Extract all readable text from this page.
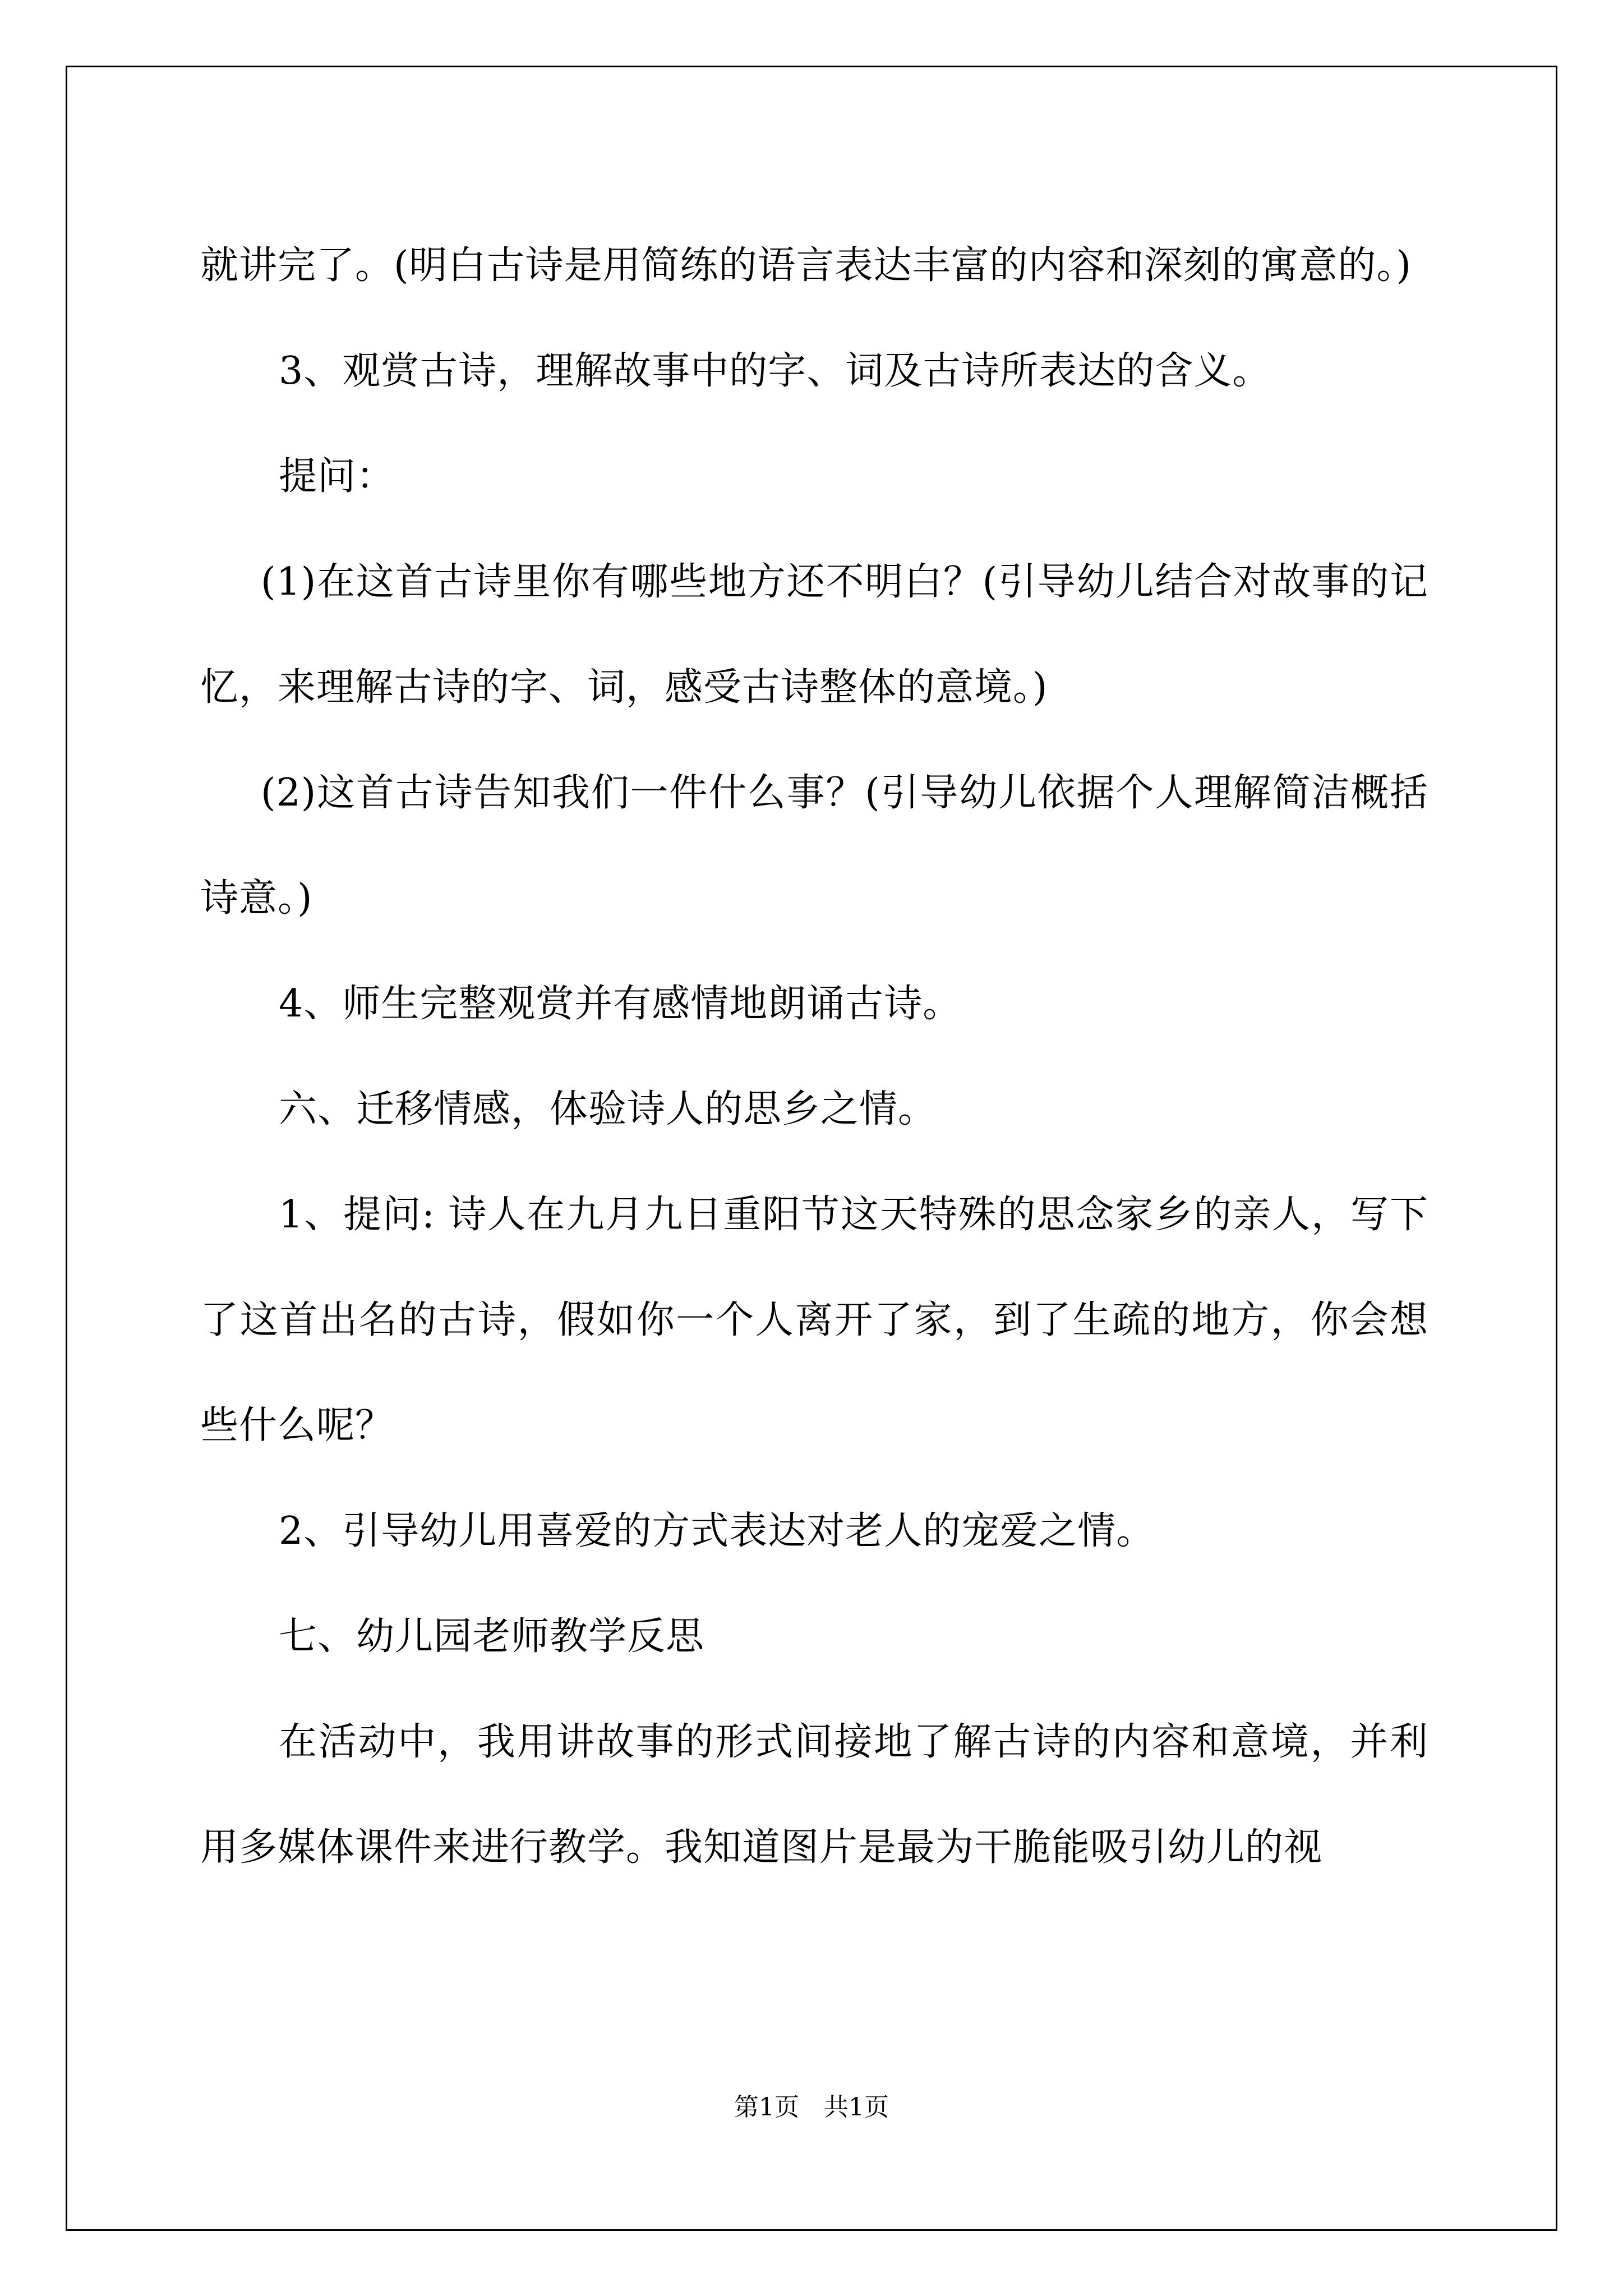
就讲完了。(明白古诗是用简练的语言表达丰富的内容和深刻的寓意的。)

3、观赏古诗，理解故事中的字、词及古诗所表达的含义。

提问：

(1)在这首古诗里你有哪些地方还不明白？(引导幼儿结合对故事的记忆，来理解古诗的字、词，感受古诗整体的意境。)

(2)这首古诗告知我们一件什么事？(引导幼儿依据个人理解简洁概括诗意。)

4、师生完整观赏并有感情地朗诵古诗。

六、迁移情感，体验诗人的思乡之情。

1、提问: 诗人在九月九日重阳节这天特殊的思念家乡的亲人，写下了这首出名的古诗，假如你一个人离开了家，到了生疏的地方，你会想些什么呢？

2、引导幼儿用喜爱的方式表达对老人的宠爱之情。

七、幼儿园老师教学反思

在活动中，我用讲故事的形式间接地了解古诗的内容和意境，并利用多媒体课件来进行教学。我知道图片是最为干脆能吸引幼儿的视

第1页　共1页
